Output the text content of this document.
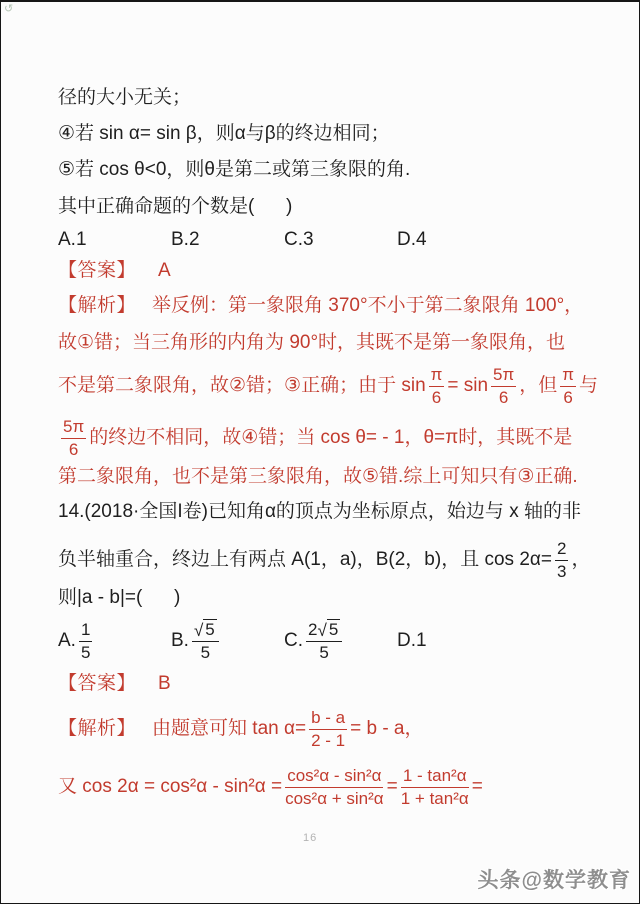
↺
径的大小无关；
④若 sin α= sin β，则α与β的终边相同；
⑤若 cos θ<0，则θ是第二或第三象限的角.
其中正确命题的个数是(      )
A.1	B.2	C.3	D.4
【答案】 A
【解析】 举反例：第一象限角 370°不小于第二象限角 100°，
故①错；当三角形的内角为 90°时，其既不是第一象限角，也
不是第二象限角，故②错；③正确；由于 $\sin \frac{\pi}{6} = \sin \frac{5\pi}{6}$ ，但 $\frac{\pi}{6}$ 与
$\frac{5\pi}{6}$ 的终边不相同，故④错；当 cos θ= - 1，θ=π时，其既不是
第二象限角，也不是第三象限角，故⑤错.综上可知只有③正确.
14.(2018·全国I卷)已知角α的顶点为坐标原点，始边与 x 轴的非
负半轴重合，终边上有两点 A(1，a)，B(2，b)，且 $\cos 2\alpha= \frac{2}{3}$ ，
则|a - b|=(      )
A. $\frac{1}{5}$	B. $\frac{√ 5}{5}$	C. $\frac{2 √ 5}{5}$	D.1
【答案】 B
【解析】 由题意可知 $\tan \alpha= \frac{b - a}{2 - 1} = b - a$，
又 $\cos 2\alpha = \cos^2\alpha - \sin^2\alpha = \frac{\text{cos²α - sin²α}}{\text{cos²α + sin²α}} = \frac{\text{1 - tan²α}}{\text{1 + tan²α}}$ =
16
头条@数学教育
